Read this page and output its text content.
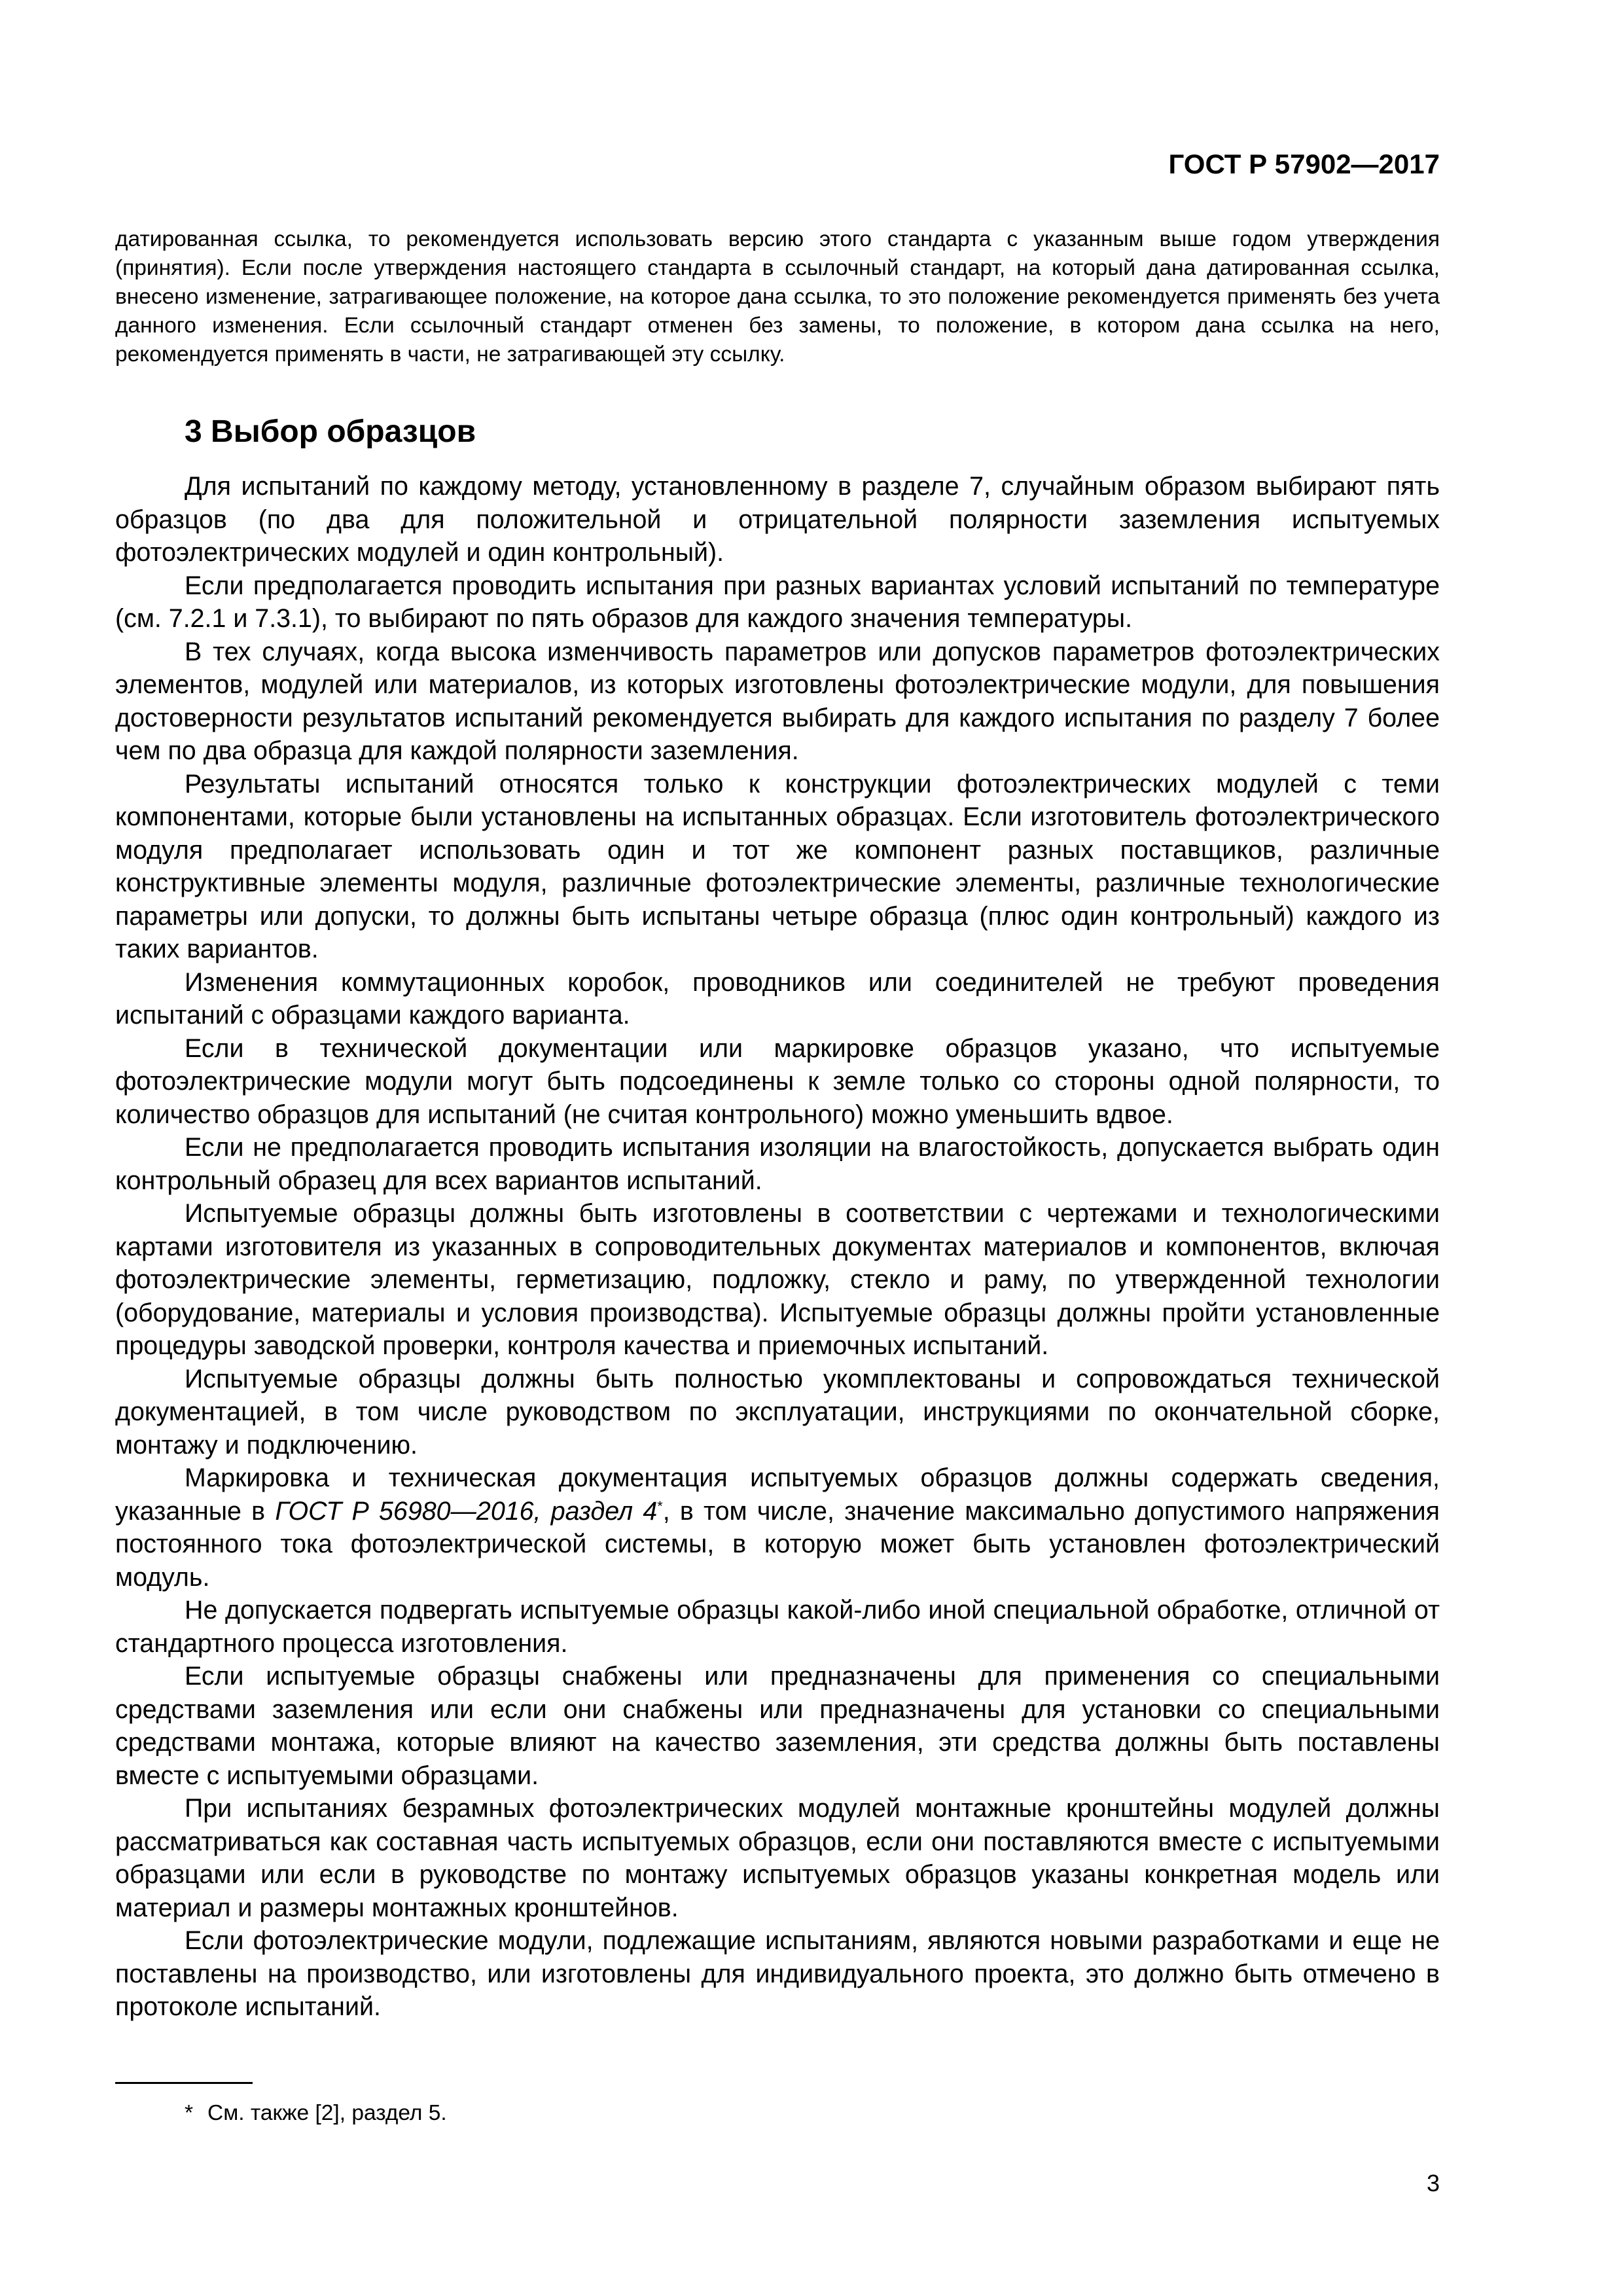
ГОСТ Р 57902—2017
датированная ссылка, то рекомендуется использовать версию этого стандарта с указанным выше годом утверждения (принятия). Если после утверждения настоящего стандарта в ссылочный стандарт, на который дана датированная ссылка, внесено изменение, затрагивающее положение, на которое дана ссылка, то это положение рекомендуется применять без учета данного изменения. Если ссылочный стандарт отменен без замены, то положение, в котором дана ссылка на него, рекомендуется применять в части, не затрагивающей эту ссылку.
3 Выбор образцов

Для испытаний по каждому методу, установленному в разделе 7, случайным образом выбирают пять образцов (по два для положительной и отрицательной полярности заземления испытуемых фотоэлектрических модулей и один контрольный).

Если предполагается проводить испытания при разных вариантах условий испытаний по температуре (см. 7.2.1 и 7.3.1), то выбирают по пять образов для каждого значения температуры.

В тех случаях, когда высока изменчивость параметров или допусков параметров фотоэлектрических элементов, модулей или материалов, из которых изготовлены фотоэлектрические модули, для повышения достоверности результатов испытаний рекомендуется выбирать для каждого испытания по разделу 7 более чем по два образца для каждой полярности заземления.

Результаты испытаний относятся только к конструкции фотоэлектрических модулей с теми компонентами, которые были установлены на испытанных образцах. Если изготовитель фотоэлектрического модуля предполагает использовать один и тот же компонент разных поставщиков, различные конструктивные элементы модуля, различные фотоэлектрические элементы, различные технологические параметры или допуски, то должны быть испытаны четыре образца (плюс один контрольный) каждого из таких вариантов.

Изменения коммутационных коробок, проводников или соединителей не требуют проведения испытаний с образцами каждого варианта.

Если в технической документации или маркировке образцов указано, что испытуемые фотоэлектрические модули могут быть подсоединены к земле только со стороны одной полярности, то количество образцов для испытаний (не считая контрольного) можно уменьшить вдвое.

Если не предполагается проводить испытания изоляции на влагостойкость, допускается выбрать один контрольный образец для всех вариантов испытаний.

Испытуемые образцы должны быть изготовлены в соответствии с чертежами и технологическими картами изготовителя из указанных в сопроводительных документах материалов и компонентов, включая фотоэлектрические элементы, герметизацию, подложку, стекло и раму, по утвержденной технологии (оборудование, материалы и условия производства). Испытуемые образцы должны пройти установленные процедуры заводской проверки, контроля качества и приемочных испытаний.

Испытуемые образцы должны быть полностью укомплектованы и сопровождаться технической документацией, в том числе руководством по эксплуатации, инструкциями по окончательной сборке, монтажу и подключению.

Маркировка и техническая документация испытуемых образцов должны содержать сведения, указанные в ГОСТ Р 56980—2016, раздел 4*, в том числе, значение максимально допустимого напряжения постоянного тока фотоэлектрической системы, в которую может быть установлен фотоэлектрический модуль.

Не допускается подвергать испытуемые образцы какой-либо иной специальной обработке, отличной от стандартного процесса изготовления.

Если испытуемые образцы снабжены или предназначены для применения со специальными средствами заземления или если они снабжены или предназначены для установки со специальными средствами монтажа, которые влияют на качество заземления, эти средства должны быть поставлены вместе с испытуемыми образцами.

При испытаниях безрамных фотоэлектрических модулей монтажные кронштейны модулей должны рассматриваться как составная часть испытуемых образцов, если они поставляются вместе с испытуемыми образцами или если в руководстве по монтажу испытуемых образцов указаны конкретная модель или материал и размеры монтажных кронштейнов.

Если фотоэлектрические модули, подлежащие испытаниям, являются новыми разработками и еще не поставлены на производство, или изготовлены для индивидуального проекта, это должно быть отмечено в протоколе испытаний.

* См. также [2], раздел 5.
3
